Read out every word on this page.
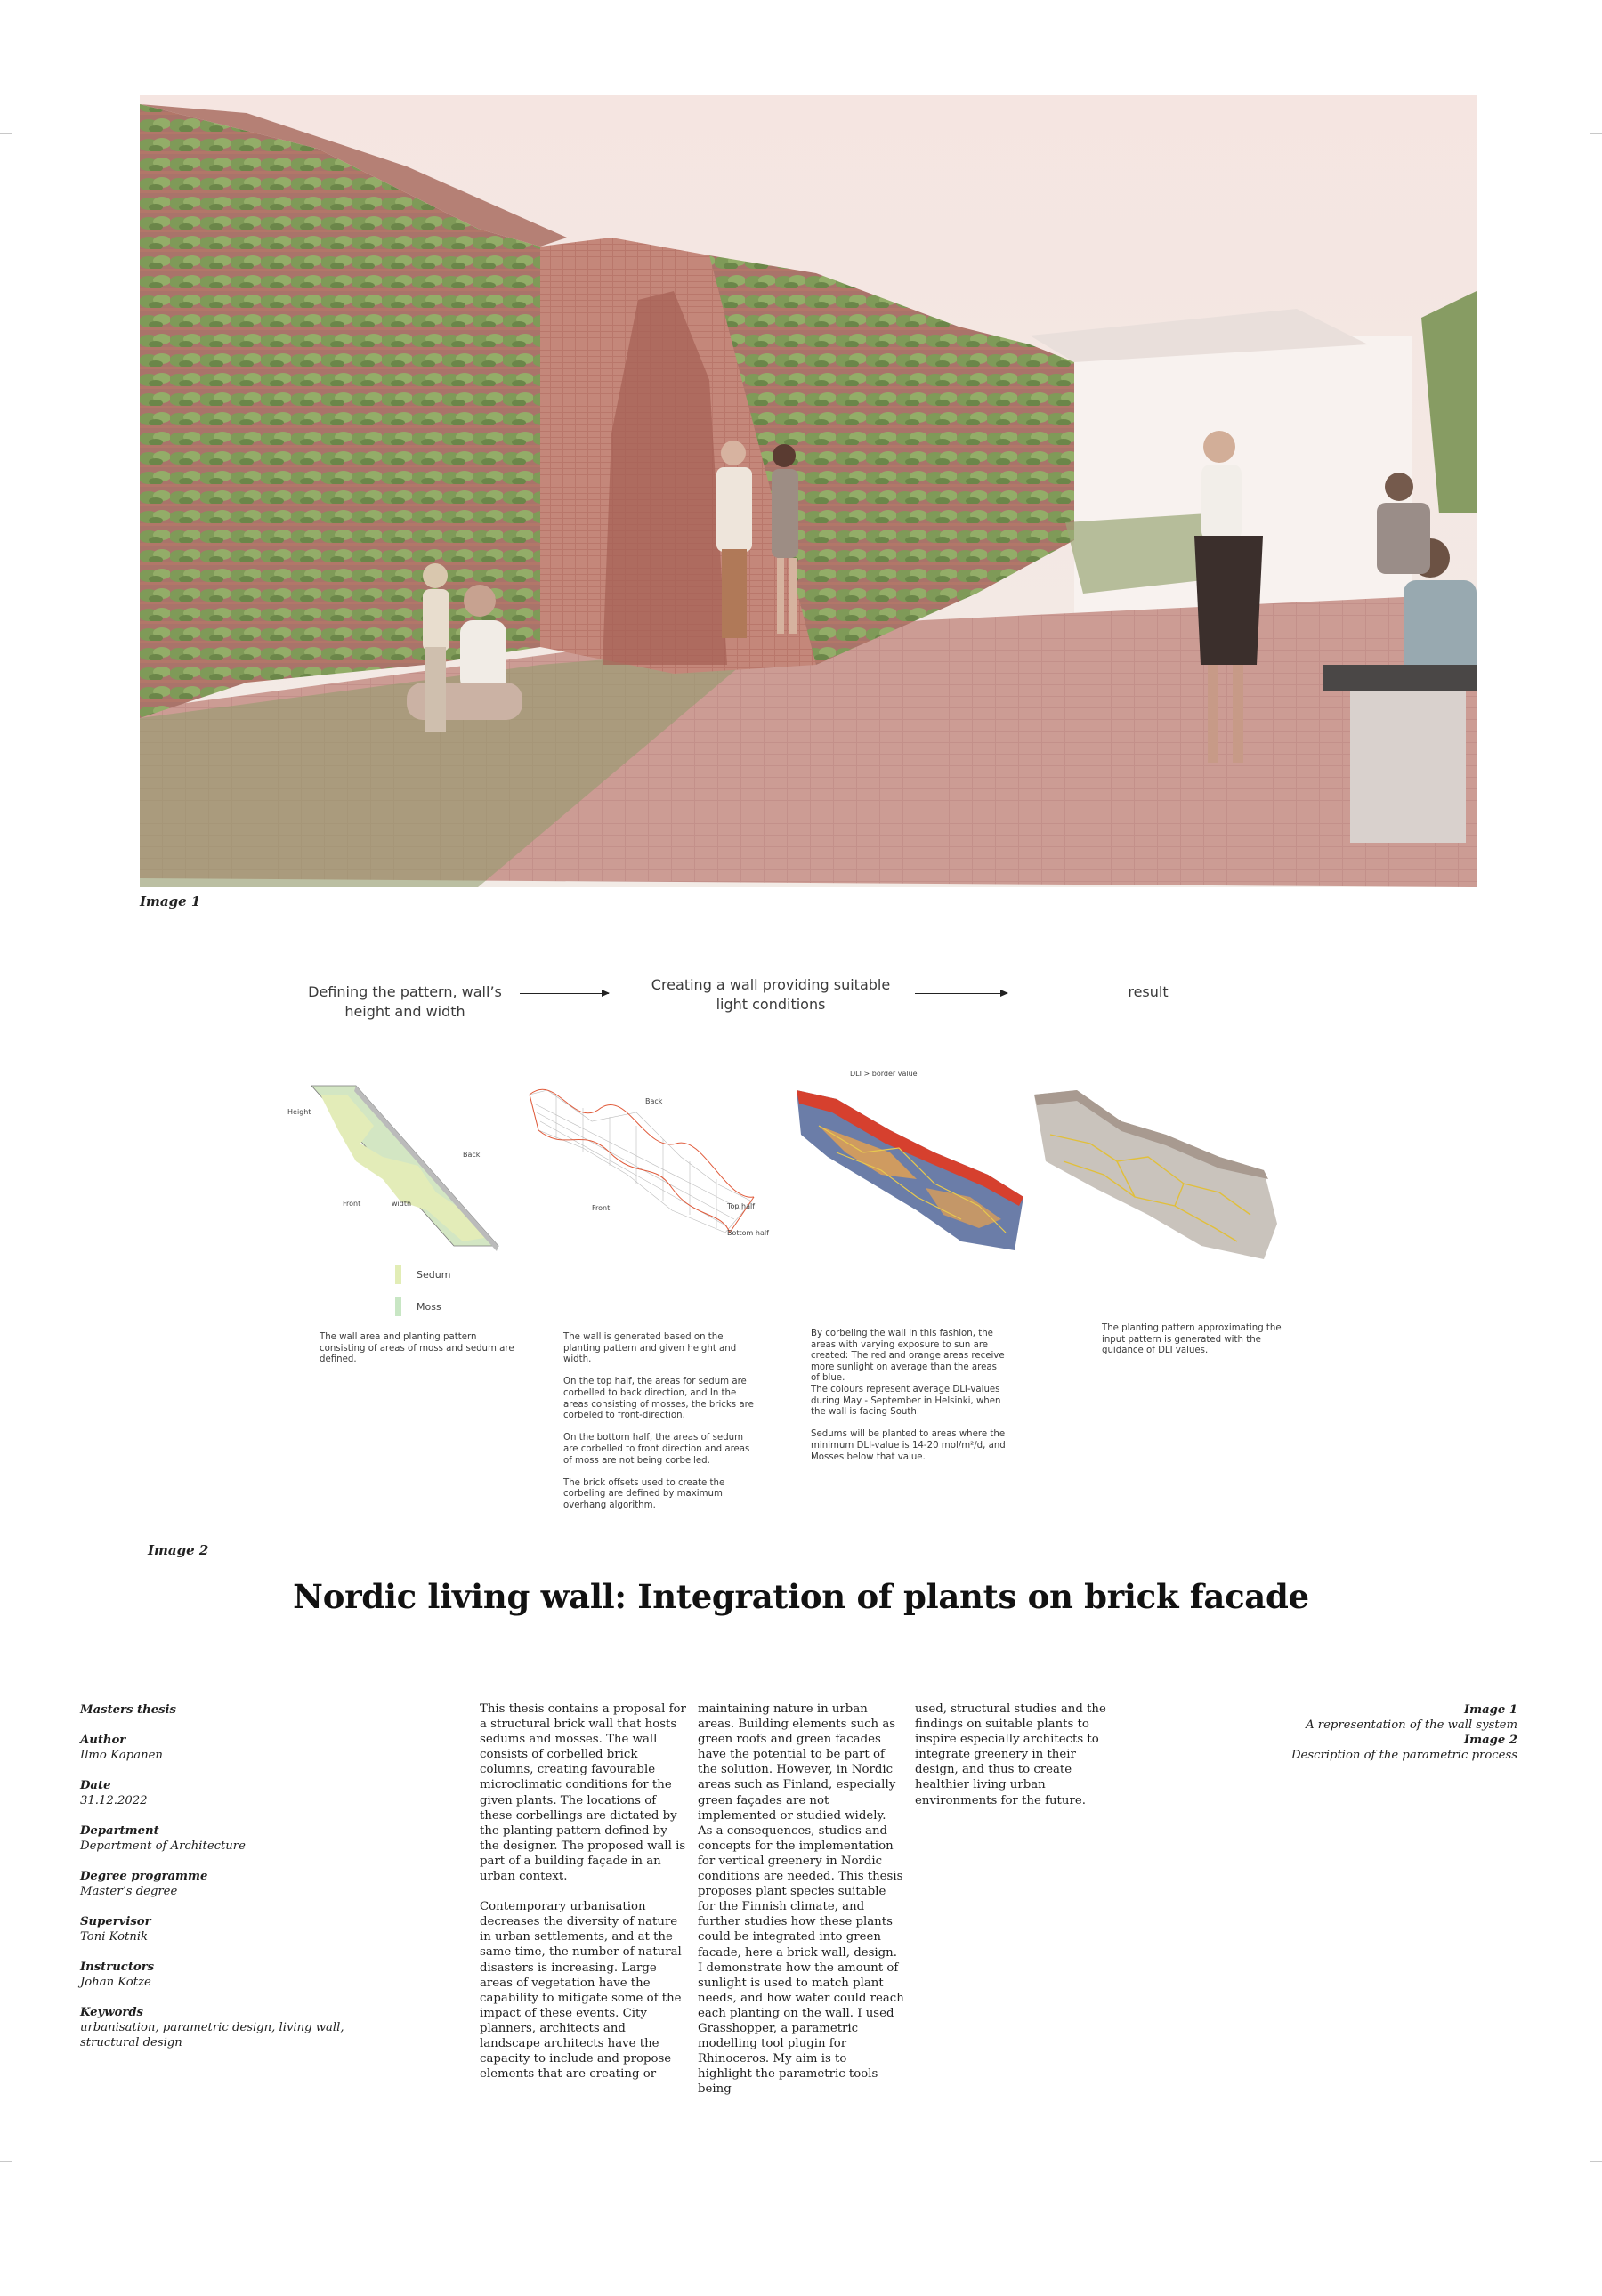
Image 1
Defining the pattern, wall’s
height and width
Creating a wall providing suitable
light conditions
result
Height
Back
Front	width
Back
Front	Top half
Bottom half
DLI > border value
Sedum
Moss

The wall area and planting pattern consisting of areas of moss and sedum are defined.

The wall is generated based on the planting pattern and given height and width.

On the top half, the areas for sedum are corbelled to back direction, and In the areas consisting of mosses, the bricks are corbeled to front-direction.

On the bottom half, the areas of sedum are corbelled to front direction and areas of moss are not being corbelled.

The brick offsets used to create the corbeling are defined by maximum overhang algorithm.

By corbeling the wall in this fashion, the areas with varying exposure to sun are created: The red and orange areas receive more sunlight on average than the areas of blue.
The colours represent average DLI-values during May - September in Helsinki, when the wall is facing South.

Sedums will be planted to areas where the minimum DLI-value is 14-20 mol/m²/d, and Mosses below that value.

The planting pattern approximating the input pattern is generated with the guidance of DLI values.

Image 2
Nordic living wall: Integration of plants on brick facade
Masters thesis
Author
Ilmo Kapanen
Date
31.12.2022
Department
Department of Architecture
Degree programme
Master’s degree
Supervisor
Toni Kotnik
Instructors
Johan Kotze
Keywords
urbanisation, parametric design, living wall,
structural design

This thesis contains a proposal for a structural brick wall that hosts sedums and mosses. The wall consists of corbelled brick columns, creating favourable microclimatic conditions for the given plants. The locations of these corbellings are dictated by the planting pattern defined by the designer. The proposed wall is part of a building façade in an urban context.

Contemporary urbanisation decreases the diversity of nature in urban settlements, and at the same time, the number of natural disasters is increasing. Large areas of vegetation have the capability to mitigate some of the impact of these events. City planners, architects and landscape architects have the capacity to include and propose elements that are creating or

maintaining nature in urban areas. Building elements such as green roofs and green facades have the potential to be part of the solution. However, in Nordic areas such as Finland, especially green façades are not implemented or studied widely. As a consequences, studies and concepts for the implementation for vertical greenery in Nordic conditions are needed. This thesis proposes plant species suitable for the Finnish climate, and further studies how these plants could be integrated into green facade, here a brick wall, design. I demonstrate how the amount of sunlight is used to match plant needs, and how water could reach each planting on the wall. I used Grasshopper, a parametric modelling tool plugin for Rhinoceros. My aim is to highlight the parametric tools being

used, structural studies and the findings on suitable plants to inspire especially architects to integrate greenery in their design, and thus to create healthier living urban environments for the future.

Image 1
A representation of the wall system
Image 2
Description of the parametric process
